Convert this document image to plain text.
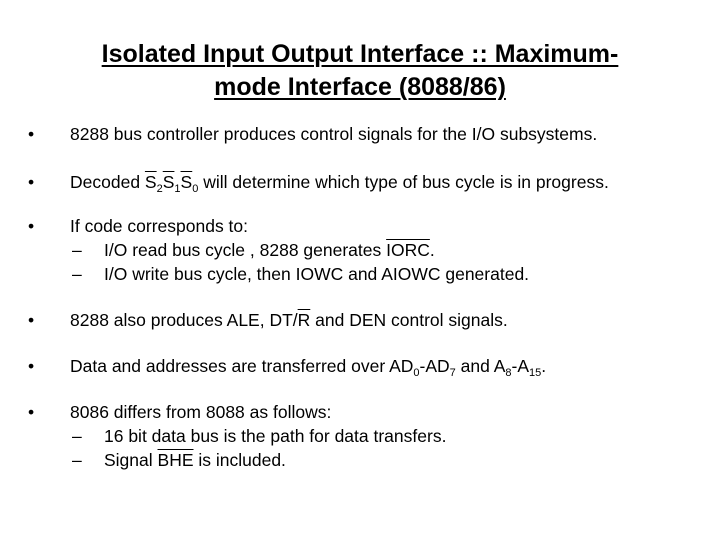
Isolated Input Output Interface :: Maximum-
mode Interface (8088/86)
• 8288 bus controller produces control signals for the I/O subsystems.
• Decoded $\overline{S}_2\overline{S}_1\overline{S}_0$ will determine which type of bus cycle is in progress.
• If code corresponds to:
– I/O read bus cycle , 8288 generates IORC.
– I/O write bus cycle, then IOWC and AIOWC generated.
• 8288 also produces ALE, $DT/\overline{R}$ and DEN control signals.
• Data and addresses are transferred over $AD_0-AD_7$ and $A_8-A_{15}$.
• 8086 differs from 8088 as follows:
– 16 bit data bus is the path for data transfers.
– Signal $\overline{BHE}$ is included.
